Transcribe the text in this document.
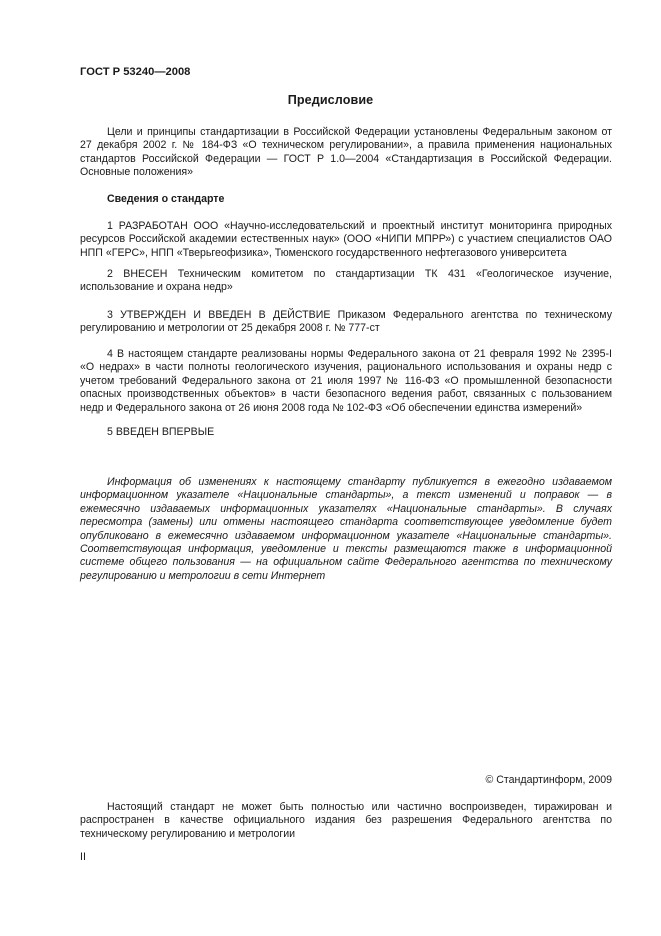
ГОСТ Р 53240—2008
Предисловие

Цели и принципы стандартизации в Российской Федерации установлены Федеральным законом от 27 декабря 2002 г. № 184-ФЗ «О техническом регулировании», а правила применения национальных стандартов Российской Федерации — ГОСТ Р 1.0—2004 «Стандартизация в Российской Федерации. Основные положения»

Сведения о стандарте

1 РАЗРАБОТАН ООО «Научно-исследовательский и проектный институт мониторинга природных ресурсов Российской академии естественных наук» (ООО «НИПИ МПРР») с участием специалистов ОАО НПП «ГЕРС», НПП «Тверьгеофизика», Тюменского государственного нефтегазового университета

2 ВНЕСЕН Техническим комитетом по стандартизации ТК 431 «Геологическое изучение, использование и охрана недр»

3 УТВЕРЖДЕН И ВВЕДЕН В ДЕЙСТВИЕ Приказом Федерального агентства по техническому регулированию и метрологии от 25 декабря 2008 г. № 777-ст

4 В настоящем стандарте реализованы нормы Федерального закона от 21 февраля 1992 № 2395-I «О недрах» в части полноты геологического изучения, рационального использования и охраны недр с учетом требований Федерального закона от 21 июля 1997 № 116-ФЗ «О промышленной безопасности опасных производственных объектов» в части безопасного ведения работ, связанных с пользованием недр и Федерального закона от 26 июня 2008 года № 102-ФЗ «Об обеспечении единства измерений»

5 ВВЕДЕН ВПЕРВЫЕ

Информация об изменениях к настоящему стандарту публикуется в ежегодно издаваемом информационном указателе «Национальные стандарты», а текст изменений и поправок — в ежемесячно издаваемых информационных указателях «Национальные стандарты». В случаях пересмотра (замены) или отмены настоящего стандарта соответствующее уведомление будет опубликовано в ежемесячно издаваемом информационном указателе «Национальные стандарты». Соответствующая информация, уведомление и тексты размещаются также в информационной системе общего пользования — на официальном сайте Федерального агентства по техническому регулированию и метрологии в сети Интернет

© Стандартинформ, 2009

Настоящий стандарт не может быть полностью или частично воспроизведен, тиражирован и распространен в качестве официального издания без разрешения Федерального агентства по техническому регулированию и метрологии

II
